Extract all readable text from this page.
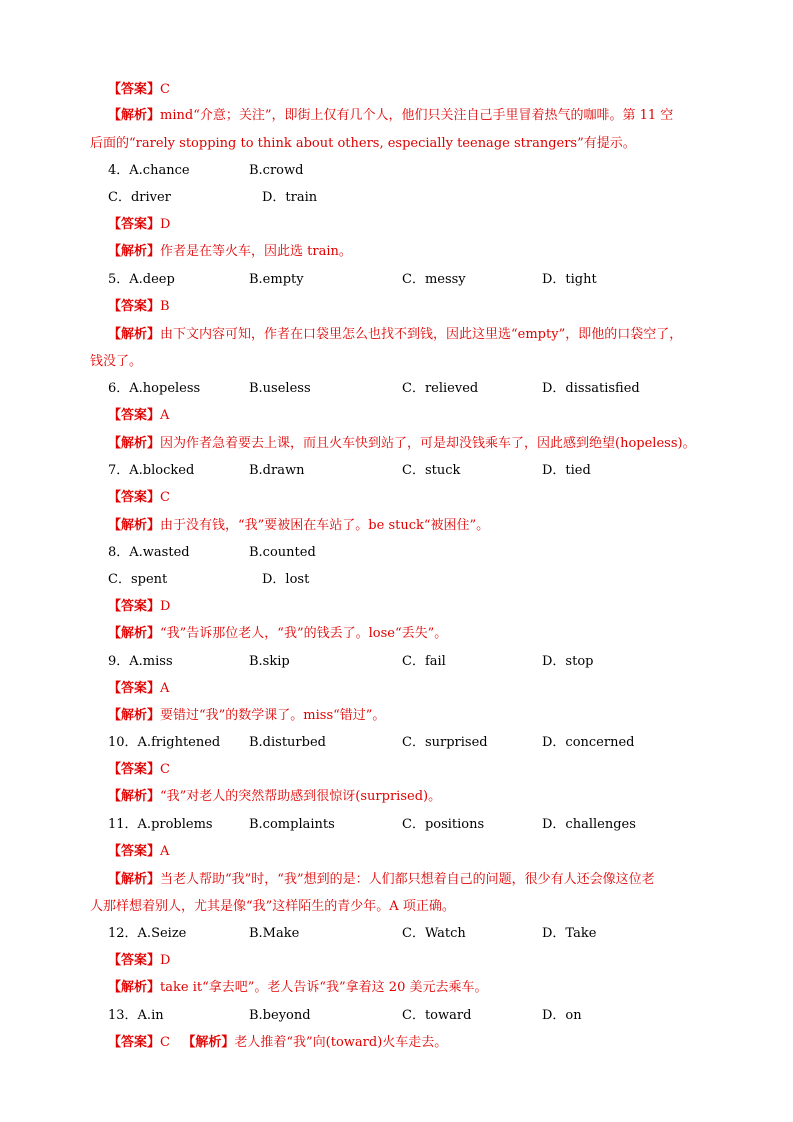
【答案】C
【解析】mind“介意；关注”，即街上仅有几个人，他们只关注自己手里冒着热气的咖啡。第 11 空
后面的“rarely stopping to think about others, especially teenage strangers”有提示。
4．A.chance	B.crowd
C．driver	D．train
【答案】D
【解析】作者是在等火车，因此选 train。
5．A.deep	B.empty	C．messy	D．tight
【答案】B
【解析】由下文内容可知，作者在口袋里怎么也找不到钱，因此这里选“empty”，即他的口袋空了，
钱没了。
6．A.hopeless	B.useless	C．relieved	D．dissatisfied
【答案】A
【解析】因为作者急着要去上课，而且火车快到站了，可是却没钱乘车了，因此感到绝望(hopeless)。
7．A.blocked	B.drawn	C．stuck	D．tied
【答案】C
【解析】由于没有钱，“我”要被困在车站了。be stuck“被困住”。
8．A.wasted	B.counted
C．spent	D．lost
【答案】D
【解析】“我”告诉那位老人，“我”的钱丢了。lose“丢失”。
9．A.miss	B.skip	C．fail	D．stop
【答案】A
【解析】要错过“我”的数学课了。miss“错过”。
10．A.frightened B.disturbed	C．surprised	D．concerned
【答案】C
【解析】“我”对老人的突然帮助感到很惊讶(surprised)。
11．A.problems	B.complaints	C．positions	D．challenges
【答案】A
【解析】当老人帮助“我”时，“我”想到的是：人们都只想着自己的问题，很少有人还会像这位老
人那样想着别人，尤其是像“我”这样陌生的青少年。A 项正确。
12．A.Seize	B.Make	C．Watch	D．Take
【答案】D
【解析】take it“拿去吧”。老人告诉“我”拿着这 20 美元去乘车。
13．A.in	B.beyond	C．toward	D．on
【答案】C 【解析】老人推着“我”向(toward)火车走去。
